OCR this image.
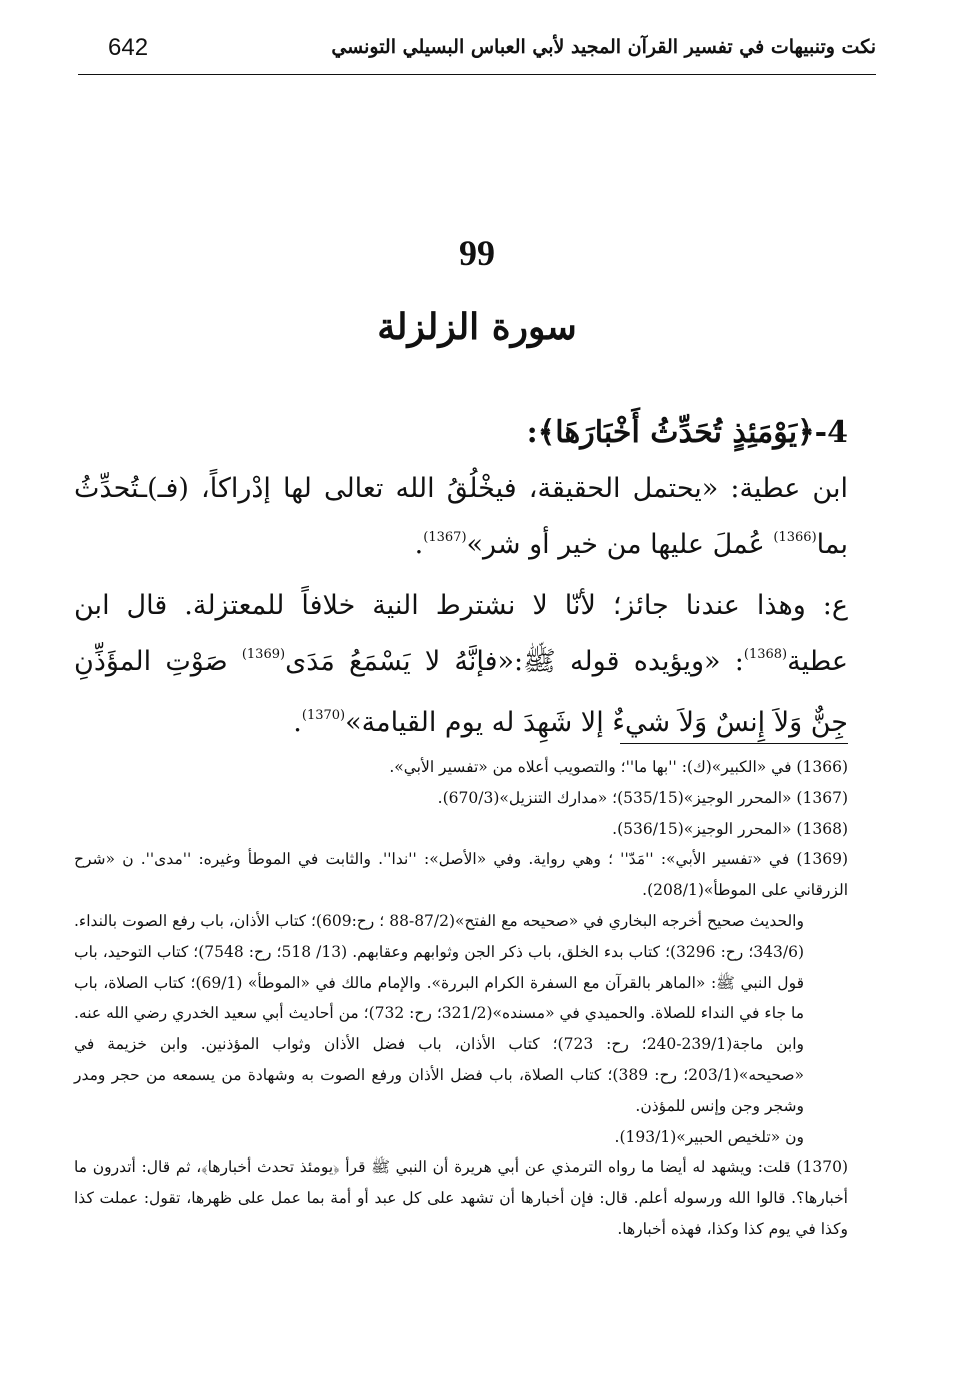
642	نكت وتنبيهات في تفسير القرآن المجيد لأبي العباس البسيلي التونسي
99
سورة الزلزلة

4-﴿يَوْمَئِذٍ تُحَدِّثُ أَخْبَارَهَا﴾:

ابن عطية: «يحتمل الحقيقة، فيخْلُقُ الله تعالى لها إدْراكاً، (فـ)ـتُحدِّثُ بما$^{(1366)}$ عُملَ عليها من خير أو شر»$^{(1367)}$.

ع: وهذا عندنا جائز؛ لأنّا لا نشترط النية خلافاً للمعتزلة. قال ابن عطية$^{(1368)}$: «ويؤيده قوله ﷺ:«فإنَّهُ لا يَسْمَعُ مَدَى$^{(1369)}$ صَوْتِ المؤَذِّنِ جِنٌّ وَلاَ إِنسٌ وَلاَ شيءٌ إلا شَهِدَ له يوم القيامة»$^{(1370)}$.

(1366) في «الكبير»(ك): ''بها ما''؛ والتصويب أعلاه من «تفسير الأبي».

(1367) «المحرر الوجيز»(535/15)؛ «مدارك التنزيل»(670/3).

(1368) «المحرر الوجيز»(536/15).

(1369) في «تفسير الأبي»: ''مَدّ'' ؛ وهي رواية. وفي «الأصل»: ''ندا''. والثابت في الموطأ وغيره: ''مدى''. ن «شرح الزرقاني على الموطأ»(208/1).

والحديث صحيح أخرجه البخاري في «صحيحه مع الفتح»(87/2-88 ؛ رح:609)؛ كتاب الأذان، باب رفع الصوت بالنداء. (343/6؛ رح: 3296)؛ كتاب بدء الخلق، باب ذكر الجن وثوابهم وعقابهم. (13/ 518؛ رح: 7548)؛ كتاب التوحيد، باب قول النبي ﷺ: «الماهر بالقرآن مع السفرة الكرام البررة». والإمام مالك في «الموطأ» (69/1)؛ كتاب الصلاة، باب ما جاء في النداء للصلاة. والحميدي في «مسنده»(321/2؛ رح: 732)؛ من أحاديث أبي سعيد الخدري رضي الله عنه. وابن ماجة(239/1-240؛ رح: 723)؛ كتاب الأذان، باب فضل الأذان وثواب المؤذنين. وابن خزيمة في «صحيحه»(203/1؛ رح: 389)؛ كتاب الصلاة، باب فضل الأذان ورفع الصوت به وشهادة من يسمعه من حجر ومدر وشجر وجن وإنس للمؤذن.

ون «تلخيص الحبير»(193/1).

(1370) قلت: ويشهد له أيضا ما رواه الترمذي عن أبي هريرة أن النبي ﷺ قرأ ﴿يومئذ تحدث أخبارها﴾، ثم قال: أتدرون ما أخبارها؟. قالوا الله ورسوله أعلم. قال: فإن أخبارها أن تشهد على كل عبد أو أمة بما عمل على ظهرها، تقول: عملت كذا وكذا في يوم كذا وكذا، فهذه أخبارها.
